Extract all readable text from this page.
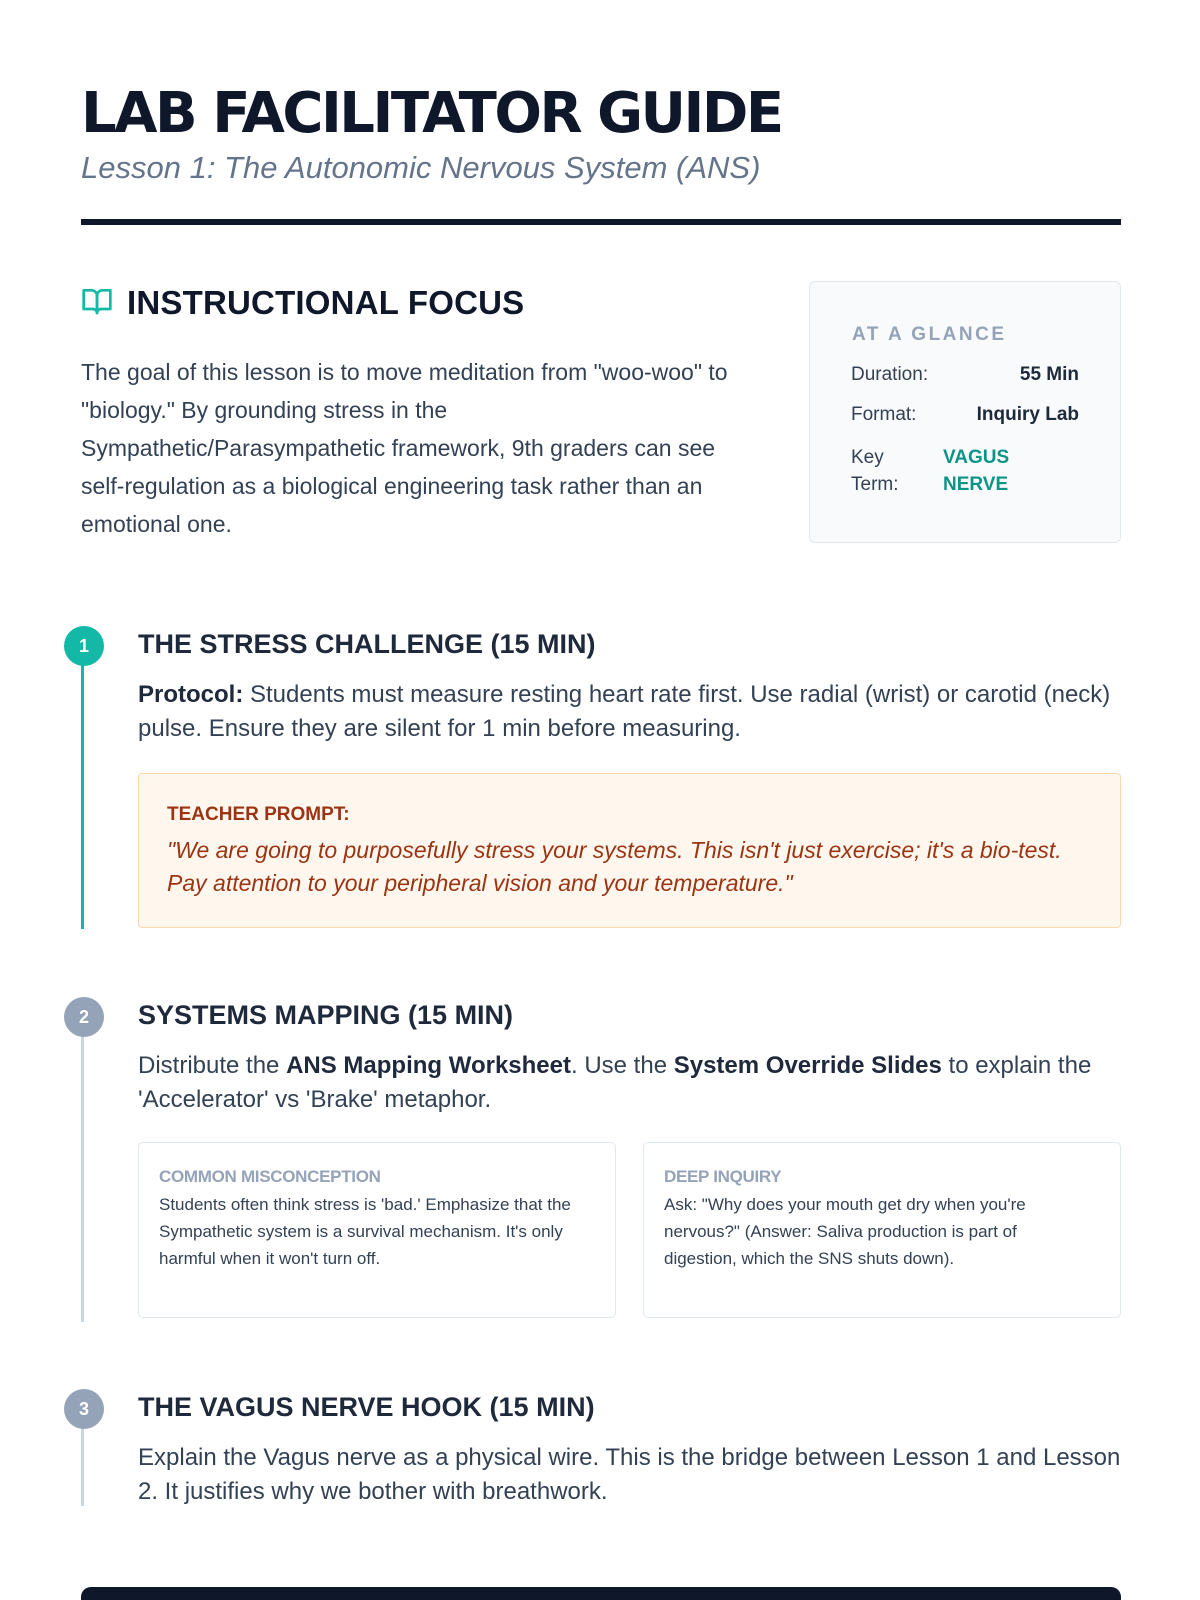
LAB FACILITATOR GUIDE
Lesson 1: The Autonomic Nervous System (ANS)
INSTRUCTIONAL FOCUS

The goal of this lesson is to move meditation from "woo-woo" to "biology." By grounding stress in the Sympathetic/Parasympathetic framework, 9th graders can see self-regulation as a biological engineering task rather than an emotional one.

AT A GLANCE
Duration:	55 Min
Format:	Inquiry Lab
Key Term:
VAGUS NERVE
1	THE STRESS CHALLENGE (15 MIN)

Protocol: Students must measure resting heart rate first. Use radial (wrist) or carotid (neck) pulse. Ensure they are silent for 1 min before measuring.

TEACHER PROMPT:
"We are going to purposefully stress your systems. This isn't just exercise; it's a bio-test. Pay attention to your peripheral vision and your temperature."
2	SYSTEMS MAPPING (15 MIN)

Distribute the ANS Mapping Worksheet. Use the System Override Slides to explain the 'Accelerator' vs 'Brake' metaphor.

COMMON MISCONCEPTION
Students often think stress is 'bad.' Emphasize that the Sympathetic system is a survival mechanism. It's only harmful when it won't turn off.
DEEP INQUIRY
Ask: "Why does your mouth get dry when you're nervous?" (Answer: Saliva production is part of digestion, which the SNS shuts down).
3	THE VAGUS NERVE HOOK (15 MIN)

Explain the Vagus nerve as a physical wire. This is the bridge between Lesson 1 and Lesson 2. It justifies why we bother with breathwork.
